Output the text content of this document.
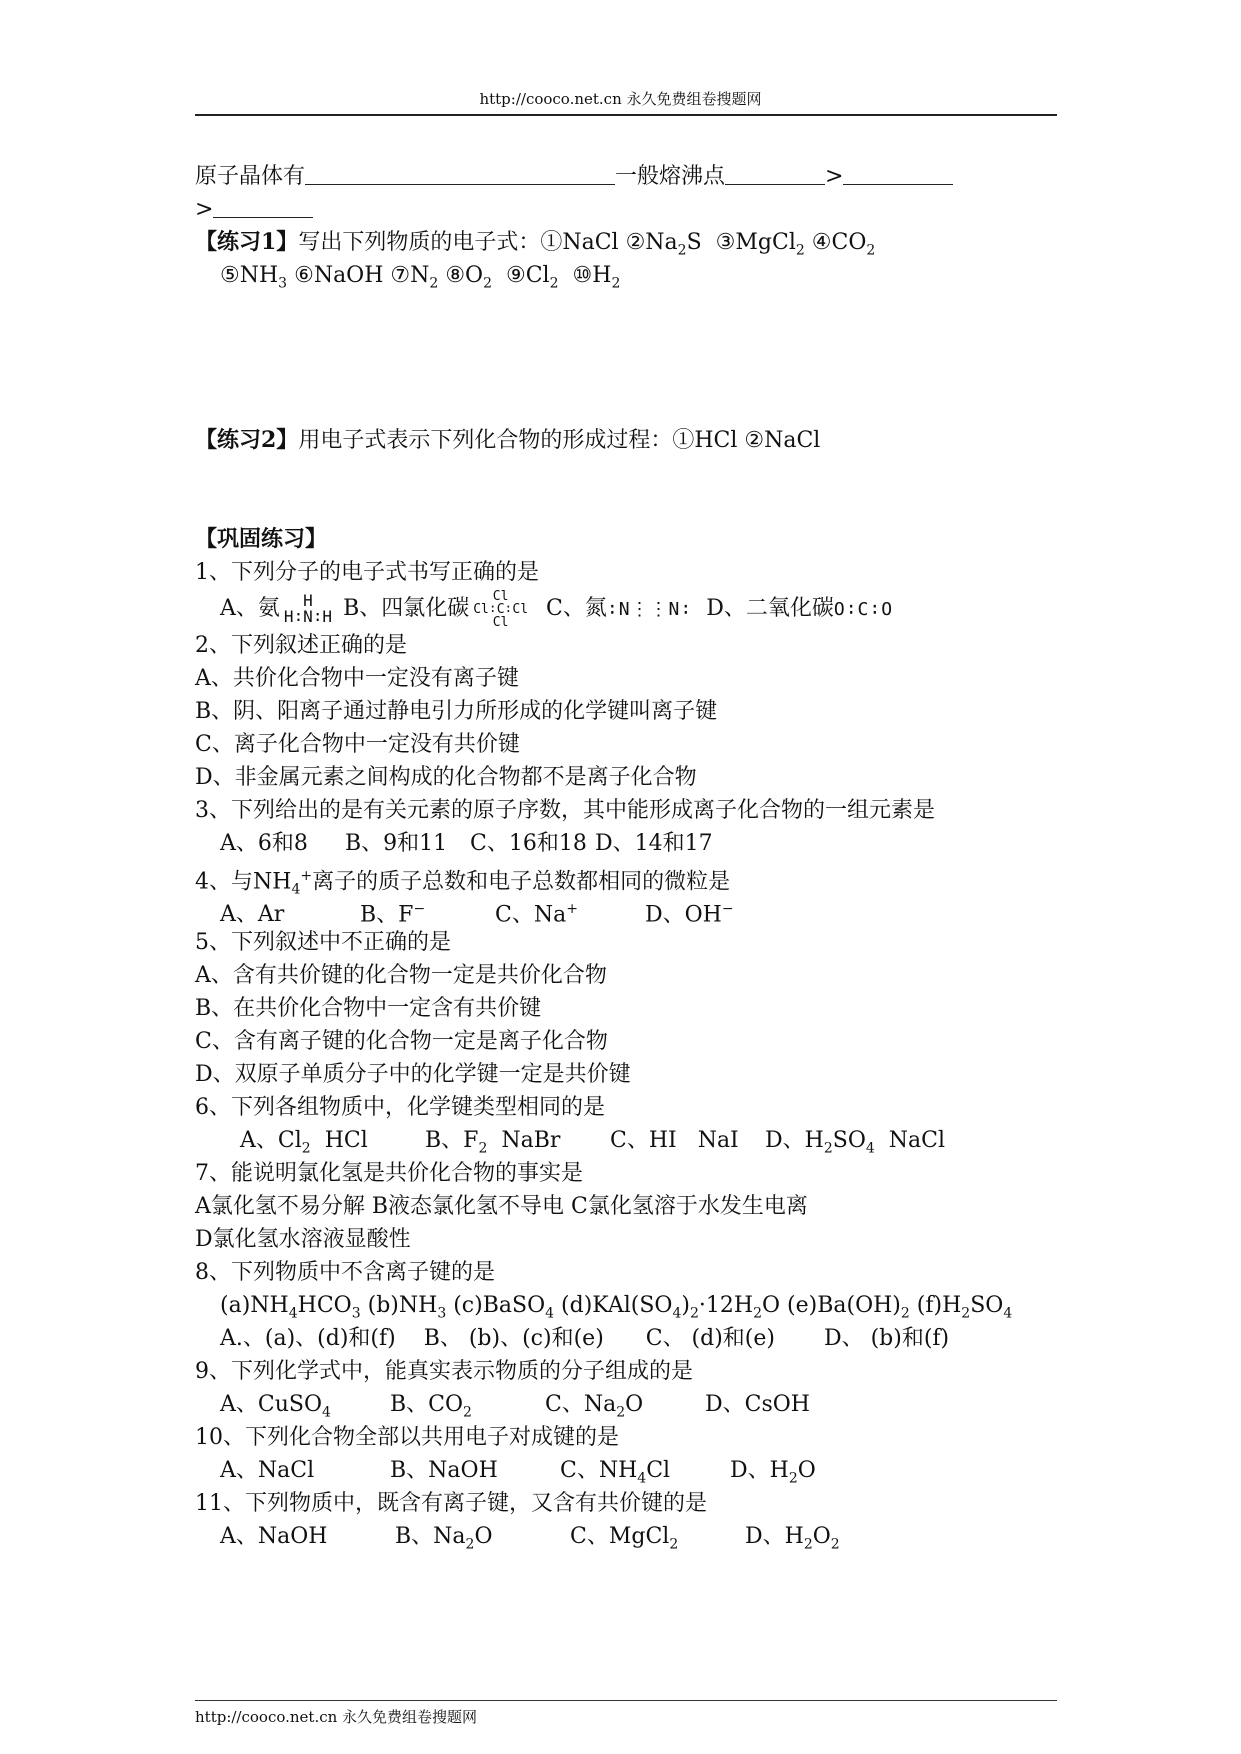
http://cooco.net.cn 永久免费组卷搜题网
原子晶体有	一般熔沸点	>
>
【练习1】写出下列物质的电子式：①NaCl $②Na_2S$ ③MgCl$_2$ $④CO_2$
$⑤NH_3$ ⑥NaOH $⑦N_2$ $⑧O_2$ $⑨Cl_2$ $⑩H_2$
【练习2】用电子式表示下列化合物的形成过程：①HCl ②NaCl
【巩固练习】
1、下列分子的电子式书写正确的是
A、氨 H
H∶N∶H B、四氯化碳 Cl
Cl∶C∶Cl
Cl  C、氮∶N⋮⋮N∶ D、二氧化碳O∶C∶O
2、下列叙述正确的是
A、共价化合物中一定没有离子键
B、阴、阳离子通过静电引力所形成的化学键叫离子键
C、离子化合物中一定没有共价键
D、非金属元素之间构成的化合物都不是离子化合物
3、下列给出的是有关元素的原子序数，其中能形成离子化合物的一组元素是
A、6和8 B、9和11 C、16和18 D、14和17
4、与$NH_4^+$离子的质子总数和电子总数都相同的微粒是
A、Ar	B、F−	C、Na+	D、OH−
5、下列叙述中不正确的是
A、含有共价键的化合物一定是共价化合物
B、在共价化合物中一定含有共价键
C、含有离子键的化合物一定是离子化合物
D、双原子单质分子中的化学键一定是共价键
6、下列各组物质中，化学键类型相同的是
A、$Cl_2$ HCl	B、$F_2$ NaBr C、HI   NaI D、$H_2SO_4$ NaCl
7、能说明氯化氢是共价化合物的事实是
A氯化氢不易分解 B液态氯化氢不导电 C氯化氢溶于水发生电离
D氯化氢水溶液显酸性
8、下列物质中不含离子键的是
$(a)NH_4HCO_3$ $(b)NH_3$ (c)BaSO$_4$ $(d)KAl(SO_4)_2\cdot 12H_2O$ $(e)Ba(OH)_2$ $(f)H_2SO_4$
A.、(a)、(d)和(f)    B、 (b)、(c)和(e)      C、 (d)和(e)       D、 (b)和(f)
9、下列化学式中，能真实表示物质的分子组成的是
A、CuSO$_4$	B、$CO_2$	C、$Na_2O$	D、CsOH
10、下列化合物全部以共用电子对成键的是
A、NaCl	B、NaOH	C、$NH_4Cl$	D、$H_2O$
11、下列物质中，既含有离子键，又含有共价键的是
A、NaOH	B、$Na_2O$	C、MgCl$_2$	D、$H_2O_2$
http://cooco.net.cn 永久免费组卷搜题网
